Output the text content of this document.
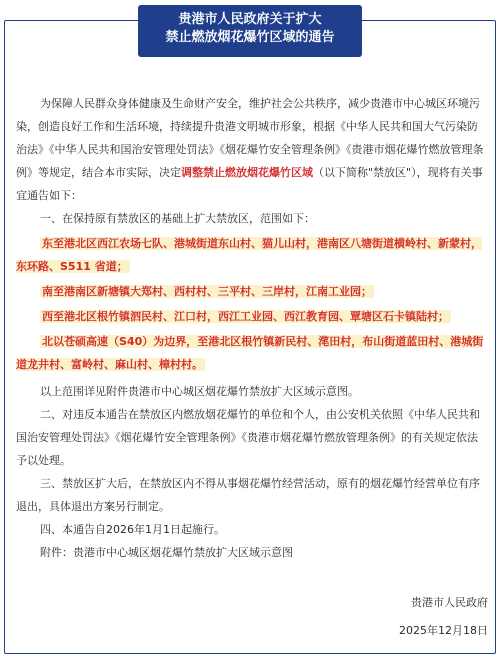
贵港市人民政府关于扩大
禁止燃放烟花爆竹区域的通告

为保障人民群众身体健康及生命财产安全，维护社会公共秩序，减少贵港市中心城区环境污染，创造良好工作和生活环境，持续提升贵港文明城市形象，根据《中华人民共和国大气污染防治法》《中华人民共和国治安管理处罚法》《烟花爆竹安全管理条例》《贵港市烟花爆竹燃放管理条例》等规定，结合本市实际，决定调整禁止燃放烟花爆竹区域（以下简称"禁放区"），现将有关事宜通告如下：

一、在保持原有禁放区的基础上扩大禁放区，范围如下：

东至港北区西江农场七队、港城街道东山村、猫儿山村，港南区八塘街道横岭村、新蒙村，东环路、S511 省道；

南至港南区新塘镇大郑村、西村村、三平村、三岸村，江南工业园；

西至港北区根竹镇泗民村、江口村，西江工业园、西江教育园、覃塘区石卡镇陆村；

北以苍硕高速（S40）为边界，至港北区根竹镇新民村、滗田村，布山街道蓝田村、港城街道龙井村、富岭村、麻山村、樟村村。

以上范围详见附件贵港市中心城区烟花爆竹禁放扩大区域示意图。

二、对违反本通告在禁放区内燃放烟花爆竹的单位和个人，由公安机关依照《中华人民共和国治安管理处罚法》《烟花爆竹安全管理条例》《贵港市烟花爆竹燃放管理条例》的有关规定依法予以处理。

三、禁放区扩大后，在禁放区内不得从事烟花爆竹经营活动，原有的烟花爆竹经营单位有序退出，具体退出方案另行制定。

四、本通告自2026年1月1日起施行。

附件：贵港市中心城区烟花爆竹禁放扩大区域示意图

贵港市人民政府
2025年12月18日
